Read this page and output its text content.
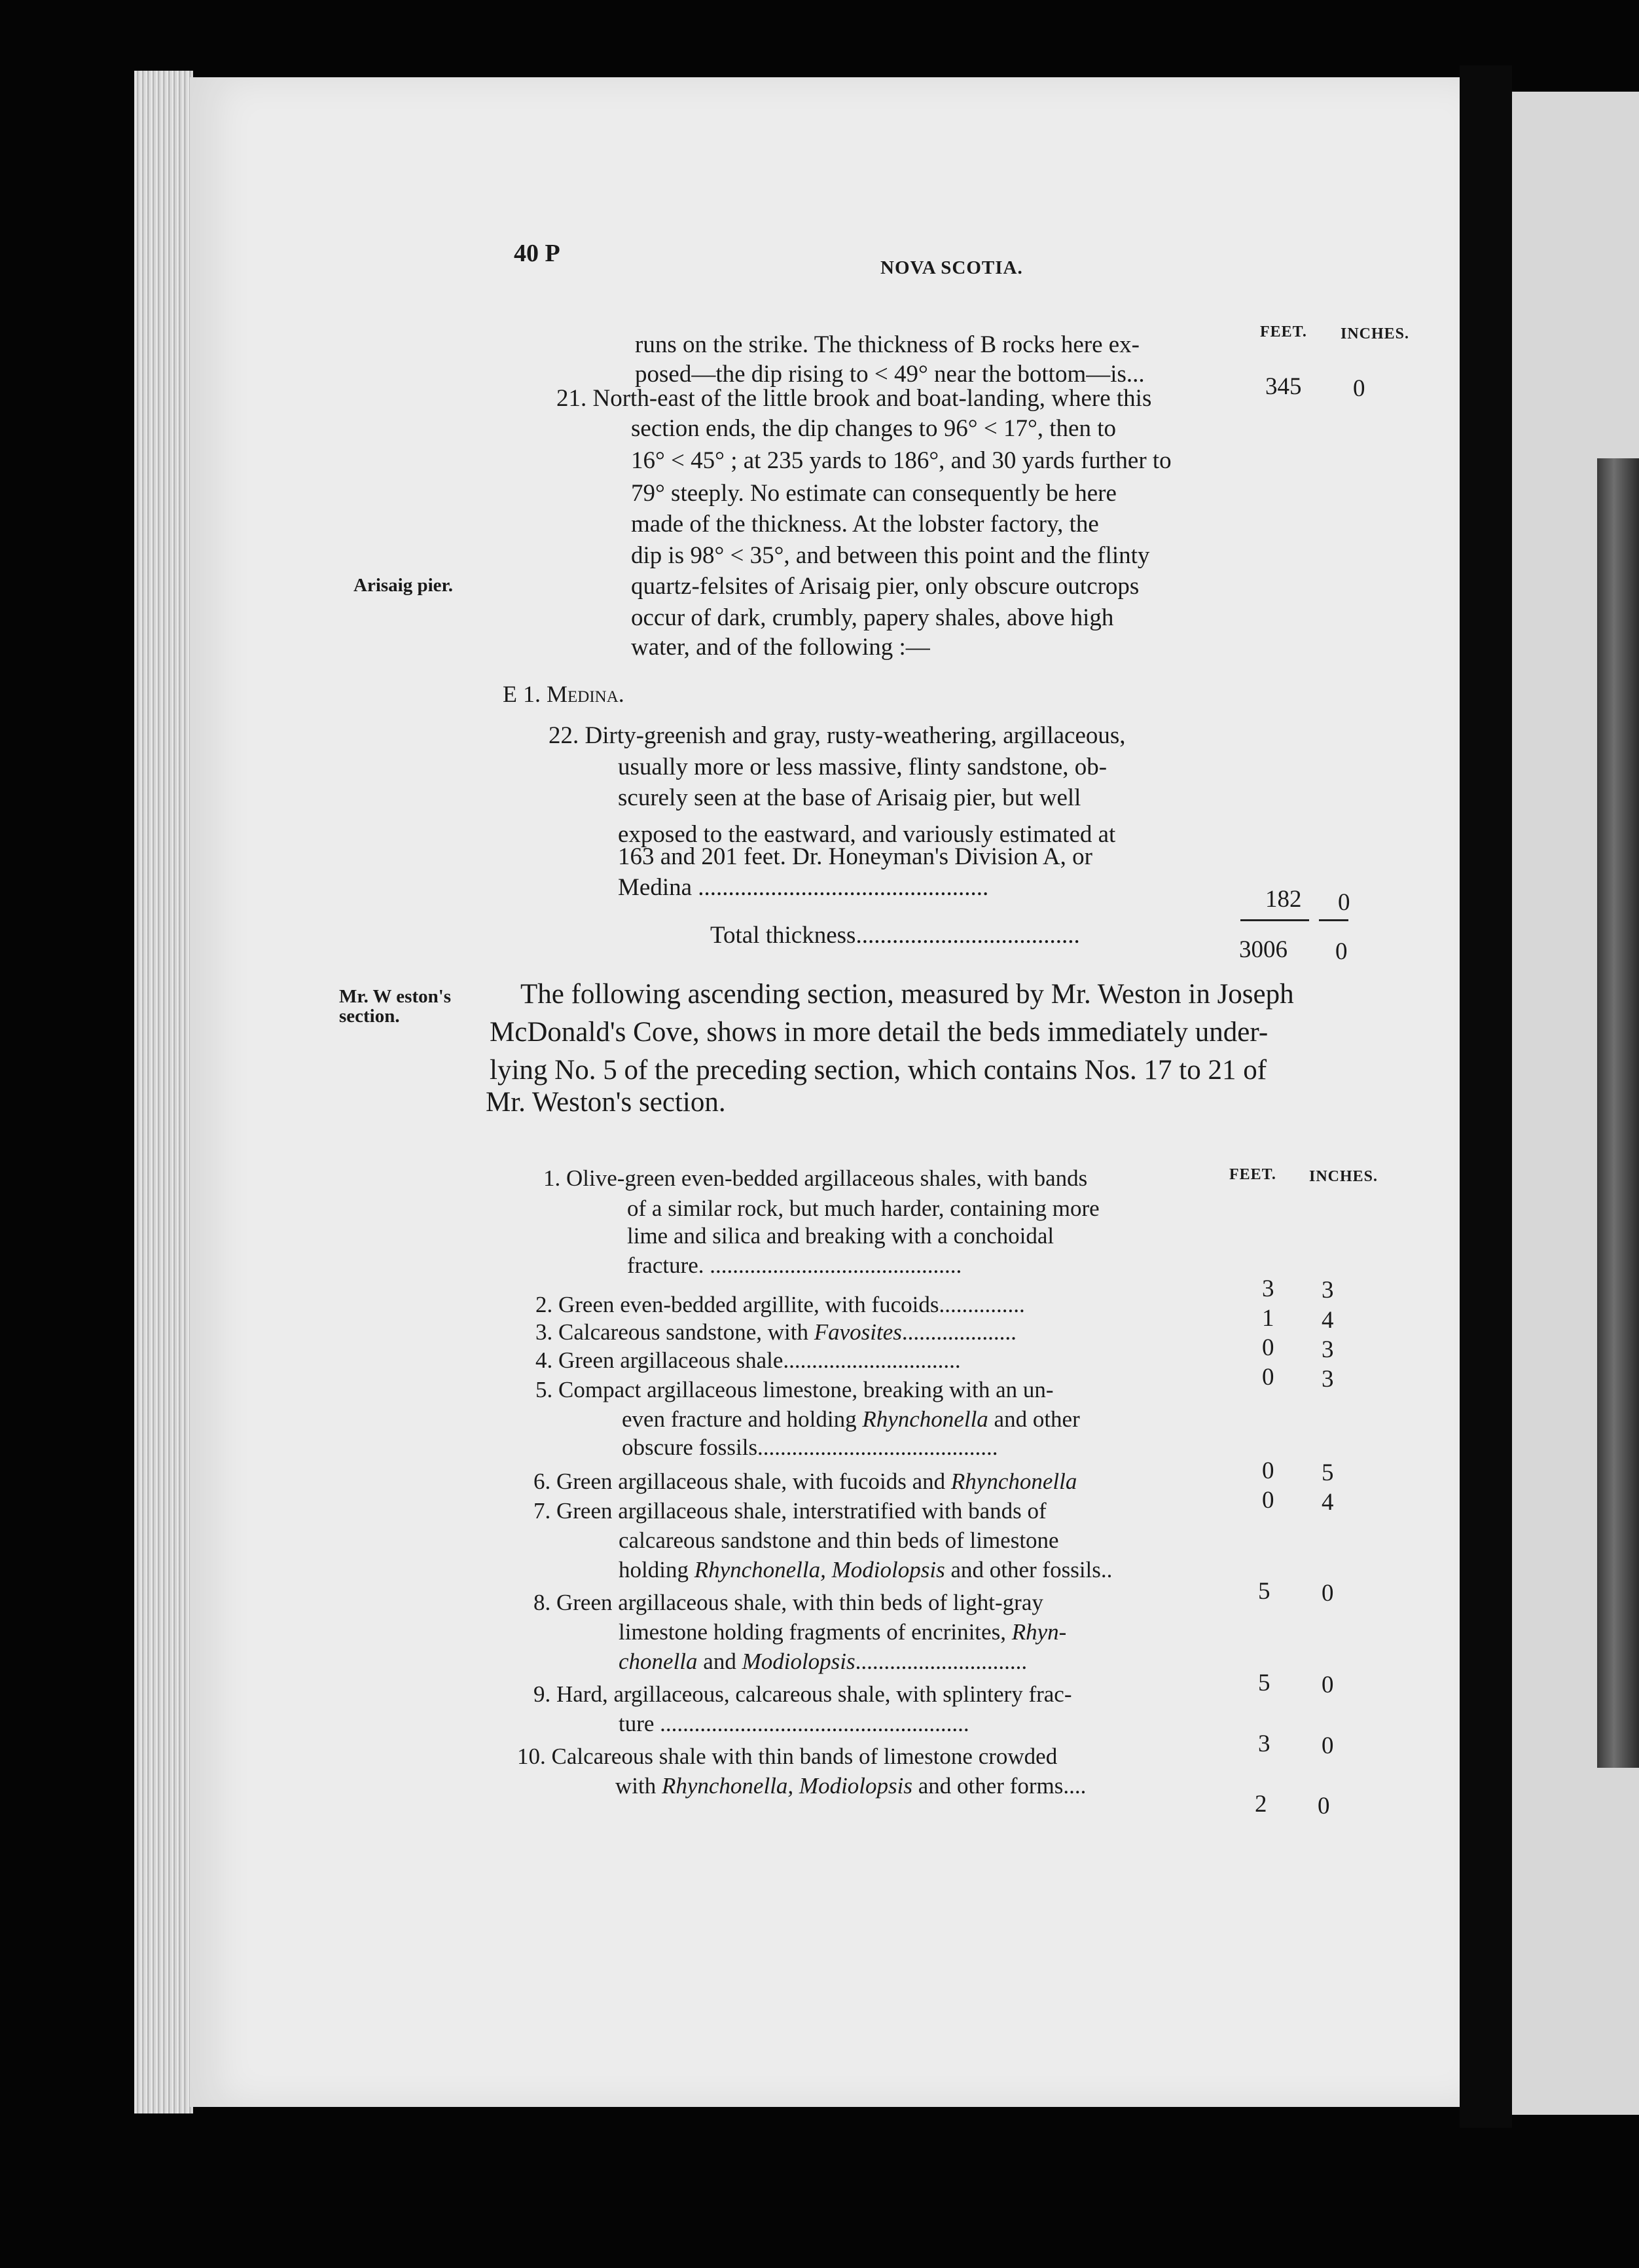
40 P
NOVA SCOTIA.
FEET. INCHES.
runs on the strike. The thickness of B rocks here ex-
posed—the dip rising to < 49° near the bottom—is...	345 0
21. North-east of the little brook and boat-landing, where this
section ends, the dip changes to 96° < 17°, then to
16° < 45° ; at 235 yards to 186°, and 30 yards further to
79° steeply. No estimate can consequently be here
made of the thickness. At the lobster factory, the
dip is 98° < 35°, and between this point and the flinty
quartz-felsites of Arisaig pier, only obscure outcrops
occur of dark, crumbly, papery shales, above high
water, and of the following :—
Arisaig pier.
E 1. Medina.
22. Dirty-greenish and gray, rusty-weathering, argillaceous,
usually more or less massive, flinty sandstone, ob-
scurely seen at the base of Arisaig pier, but well
exposed to the eastward, and variously estimated at
163 and 201 feet. Dr. Honeyman's Division A, or
Medina ................................................	182 0
Total thickness.....................................
3006 0
Mr. W eston's
section.
The following ascending section, measured by Mr. Weston in Joseph
McDonald's Cove, shows in more detail the beds immediately under-
lying No. 5 of the preceding section, which contains Nos. 17 to 21 of
Mr. Weston's section.
FEET. INCHES.
1. Olive-green even-bedded argillaceous shales, with bands
of a similar rock, but much harder, containing more
lime and silica and breaking with a conchoidal
fracture. ............................................
3 3
2. Green even-bedded argillite, with fucoids...............
1 4
3. Calcareous sandstone, with Favosites....................
0 3
4. Green argillaceous shale...............................
0 3
5. Compact argillaceous limestone, breaking with an un-
even fracture and holding Rhynchonella and other
obscure fossils..........................................
0 5
6. Green argillaceous shale, with fucoids and Rhynchonella
0 4
7. Green argillaceous shale, interstratified with bands of
calcareous sandstone and thin beds of limestone
holding Rhynchonella, Modiolopsis and other fossils..
5 0
8. Green argillaceous shale, with thin beds of light-gray
limestone holding fragments of encrinites, Rhyn-
chonella and Modiolopsis..............................
5 0
9. Hard, argillaceous, calcareous shale, with splintery frac-
ture ......................................................
3 0
10. Calcareous shale with thin bands of limestone crowded
with Rhynchonella, Modiolopsis and other forms....
2 0
